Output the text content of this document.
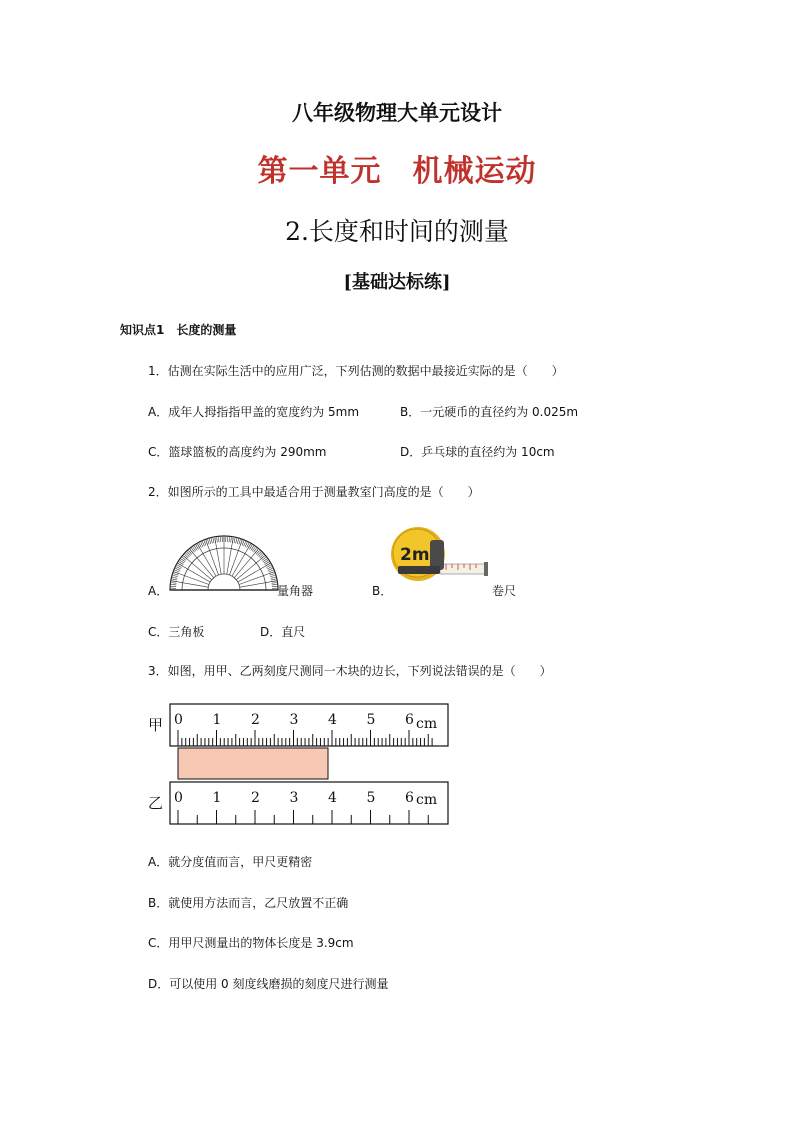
八年级物理大单元设计
第一单元　机械运动
2.长度和时间的测量
[基础达标练]
知识点1　长度的测量
1．估测在实际生活中的应用广泛，下列估测的数据中最接近实际的是（　　）
A．成年人拇指指甲盖的宽度约为 5mm	B．一元硬币的直径约为 0.025m
C．篮球篮板的高度约为 290mm	D．乒乓球的直径约为 10cm
2．如图所示的工具中最适合用于测量教室门高度的是（　　）
A．	量角器	B．
2m
卷尺
C．三角板	D．直尺
3．如图，用甲、乙两刻度尺测同一木块的边长，下列说法错误的是（　　）
甲 0 1 2 3 4 5 6 cm
乙 0 1 2 3 4 5 6 cm
A．就分度值而言，甲尺更精密
B．就使用方法而言，乙尺放置不正确
C．用甲尺测量出的物体长度是 3.9cm
D．可以使用 0 刻度线磨损的刻度尺进行测量
